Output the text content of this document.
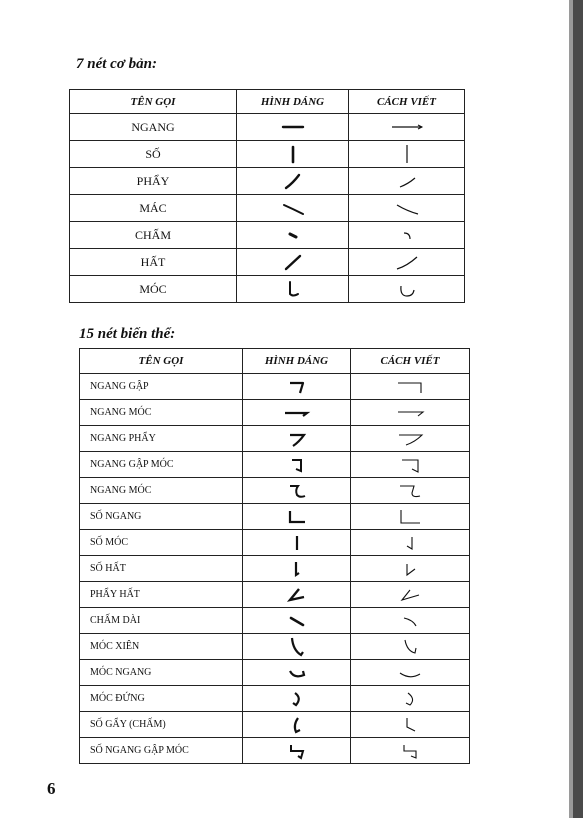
7 nét cơ bản:
TÊN GỌI	HÌNH DÁNG	CÁCH VIẾT
NGANG	

SỐ	

PHẨY	

MÁC	

CHẤM	

HẤT	

MÓC	

15 nét biến thể:
TÊN GỌI	HÌNH DÁNG	CÁCH VIẾT
NGANG GẬP	

NGANG MÓC	

NGANG PHẨY	

NGANG GẬP MÓC	

NGANG MÓC	

SỐ NGANG	

SỐ MÓC	

SỐ HẤT	

PHẨY HẤT	

CHẤM DÀI	

MÓC XIÊN	

MÓC NGANG	

MÓC ĐỨNG	

SỐ GẨY (CHẤM)	

SỐ NGANG GẬP MÓC	

6
